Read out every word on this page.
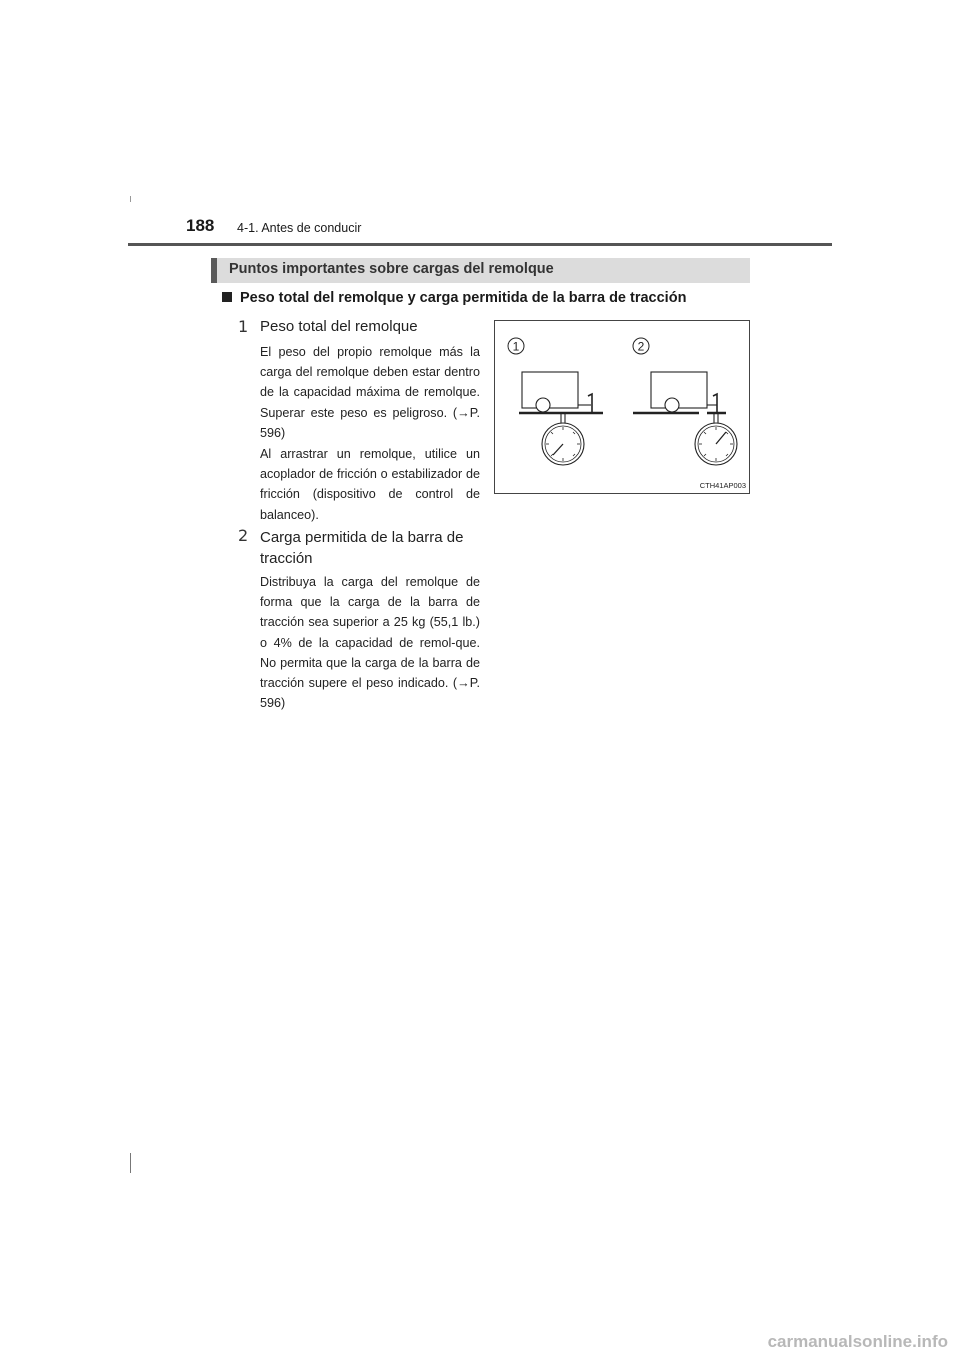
188 4-1. Antes de conducir
Puntos importantes sobre cargas del remolque
Peso total del remolque y carga permitida de la barra de tracción
1 Peso total del remolque
El peso del propio remolque más la carga del remolque deben estar dentro de la capacidad máxima de remolque. Superar este peso es peligroso. (→P. 596)
Al arrastrar un remolque, utilice un acoplador de fricción o estabilizador de fricción (dispositivo de control de balanceo).
2 Carga permitida de la barra de
tracción
Distribuya la carga del remolque de forma que la carga de la barra de tracción sea superior a 25 kg (55,1 lb.) o 4% de la capacidad de remol-que. No permita que la carga de la barra de tracción supere el peso indicado. (→P. 596)
1	2
CTH41AP003
carmanualsonline.info
